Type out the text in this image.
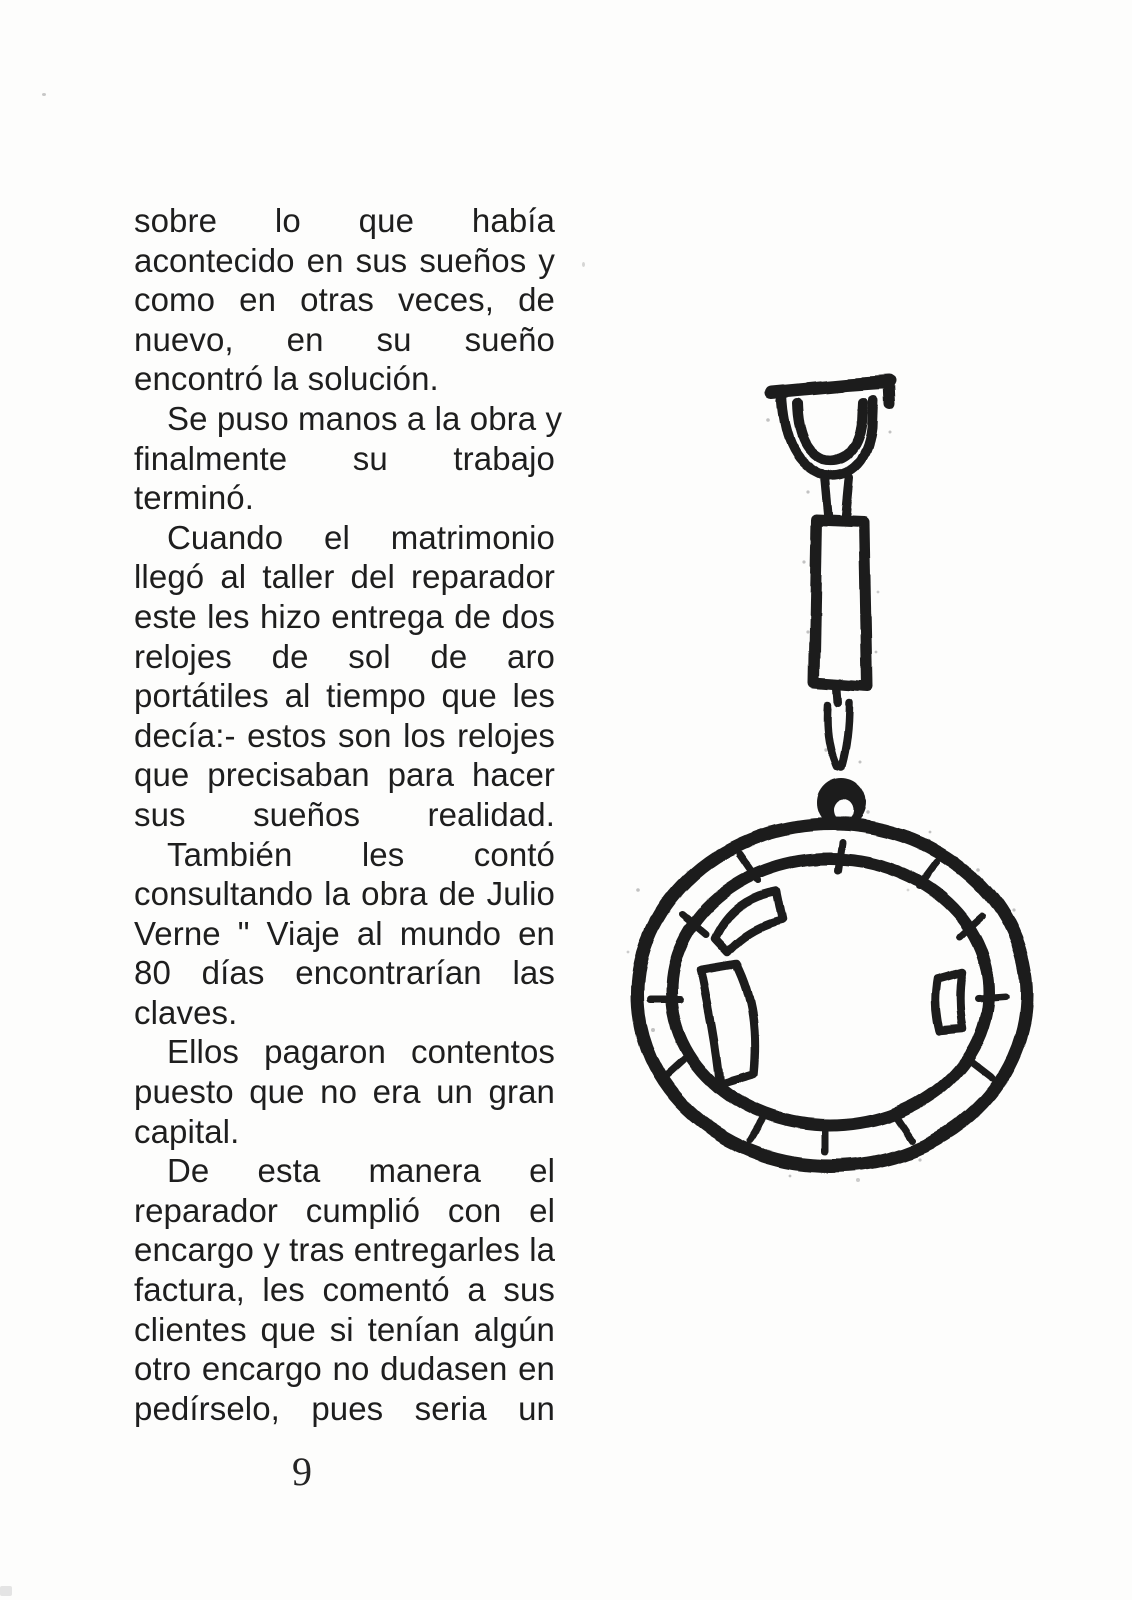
sobre lo que había
acontecido en sus sueños y
como en otras veces, de
nuevo, en su sueño
encontró la solución.
Se puso manos a la obra y
finalmente su trabajo
terminó.
Cuando el matrimonio
llegó al taller del reparador
este les hizo entrega de dos
relojes de sol de aro
portátiles al tiempo que les
decía:- estos son los relojes
que precisaban para hacer
sus sueños realidad.
También les contó
consultando la obra de Julio
Verne " Viaje al mundo en
80 días encontrarían las
claves.
Ellos pagaron contentos
puesto que no era un gran
capital.
De esta manera el
reparador cumplió con el
encargo y tras entregarles la
factura, les comentó a sus
clientes que si tenían algún
otro encargo no dudasen en
pedírselo, pues seria un
9
